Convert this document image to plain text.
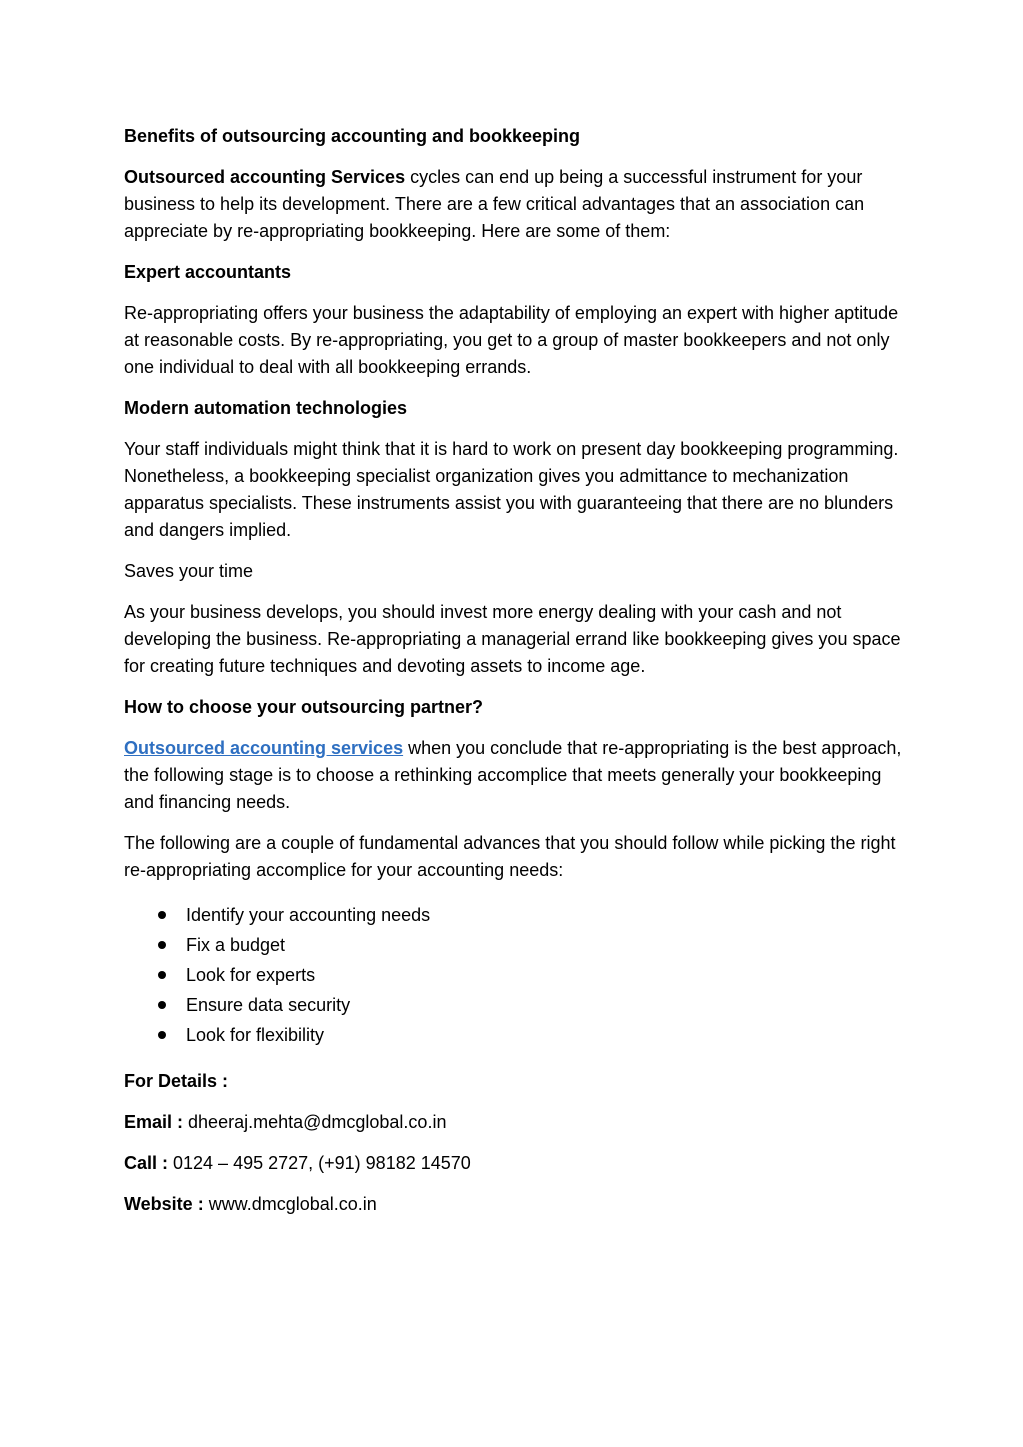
Benefits of outsourcing accounting and bookkeeping

Outsourced accounting Services cycles can end up being a successful instrument for your business to help its development. There are a few critical advantages that an association can appreciate by re-appropriating bookkeeping. Here are some of them:

Expert accountants

Re-appropriating offers your business the adaptability of employing an expert with higher aptitude at reasonable costs. By re-appropriating, you get to a group of master bookkeepers and not only one individual to deal with all bookkeeping errands.

Modern automation technologies

Your staff individuals might think that it is hard to work on present day bookkeeping programming. Nonetheless, a bookkeeping specialist organization gives you admittance to mechanization apparatus specialists. These instruments assist you with guaranteeing that there are no blunders and dangers implied.

Saves your time

As your business develops, you should invest more energy dealing with your cash and not developing the business. Re-appropriating a managerial errand like bookkeeping gives you space for creating future techniques and devoting assets to income age.

How to choose your outsourcing partner?

Outsourced accounting services when you conclude that re-appropriating is the best approach, the following stage is to choose a rethinking accomplice that meets generally your bookkeeping and financing needs.

The following are a couple of fundamental advances that you should follow while picking the right re-appropriating accomplice for your accounting needs:

Identify your accounting needs
Fix a budget
Look for experts
Ensure data security
Look for flexibility

For Details :

Email : dheeraj.mehta@dmcglobal.co.in

Call : 0124 – 495 2727, (+91) 98182 14570

Website : www.dmcglobal.co.in
